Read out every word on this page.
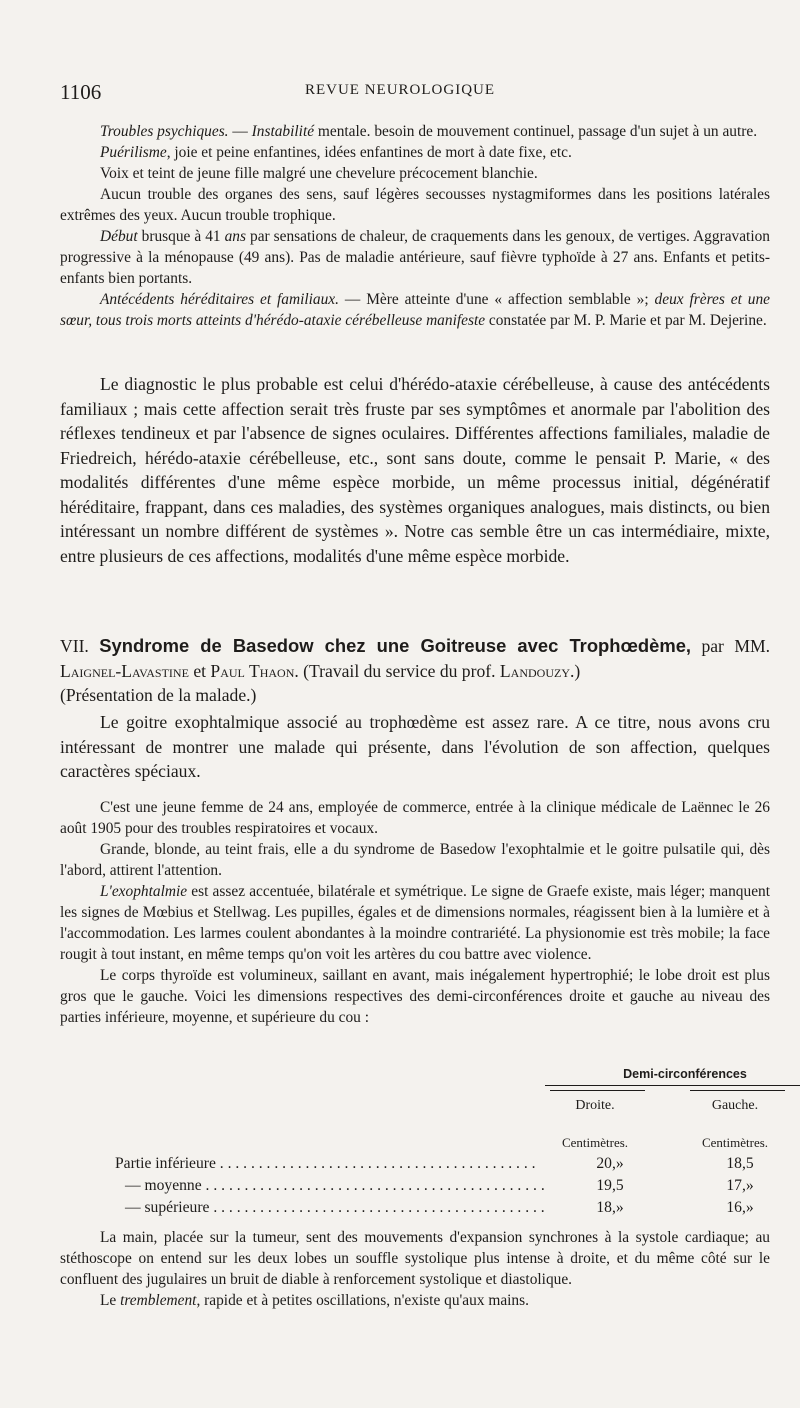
1106	REVUE NEUROLOGIQUE

Troubles psychiques. — Instabilité mentale. besoin de mouvement continuel, passage d'un sujet à un autre.

Puérilisme, joie et peine enfantines, idées enfantines de mort à date fixe, etc.

Voix et teint de jeune fille malgré une chevelure précocement blanchie.

Aucun trouble des organes des sens, sauf légères secousses nystagmiformes dans les positions latérales extrêmes des yeux. Aucun trouble trophique.

Début brusque à 41 ans par sensations de chaleur, de craquements dans les genoux, de vertiges. Aggravation progressive à la ménopause (49 ans). Pas de maladie antérieure, sauf fièvre typhoïde à 27 ans. Enfants et petits-enfants bien portants.

Antécédents héréditaires et familiaux. — Mère atteinte d'une « affection semblable »; deux frères et une sœur, tous trois morts atteints d'hérédo-ataxie cérébelleuse manifeste constatée par M. P. Marie et par M. Dejerine.

Le diagnostic le plus probable est celui d'hérédo-ataxie cérébelleuse, à cause des antécédents familiaux ; mais cette affection serait très fruste par ses symptômes et anormale par l'abolition des réflexes tendineux et par l'absence de signes oculaires. Différentes affections familiales, maladie de Friedreich, hérédo-ataxie cérébelleuse, etc., sont sans doute, comme le pensait P. Marie, « des modalités différentes d'une même espèce morbide, un même processus initial, dégénératif héréditaire, frappant, dans ces maladies, des systèmes organiques analogues, mais distincts, ou bien intéressant un nombre différent de systèmes ». Notre cas semble être un cas intermédiaire, mixte, entre plusieurs de ces affections, modalités d'une même espèce morbide.

VII. Syndrome de Basedow chez une Goitreuse avec Trophœdème, par MM. Laignel-Lavastine et Paul Thaon. (Travail du service du prof. Landouzy.)

(Présentation de la malade.)

Le goitre exophtalmique associé au trophœdème est assez rare. A ce titre, nous avons cru intéressant de montrer une malade qui présente, dans l'évolution de son affection, quelques caractères spéciaux.

C'est une jeune femme de 24 ans, employée de commerce, entrée à la clinique médicale de Laënnec le 26 août 1905 pour des troubles respiratoires et vocaux.

Grande, blonde, au teint frais, elle a du syndrome de Basedow l'exophtalmie et le goitre pulsatile qui, dès l'abord, attirent l'attention.

L'exophtalmie est assez accentuée, bilatérale et symétrique. Le signe de Graefe existe, mais léger; manquent les signes de Mœbius et Stellwag. Les pupilles, égales et de dimensions normales, réagissent bien à la lumière et à l'accommodation. Les larmes coulent abondantes à la moindre contrariété. La physionomie est très mobile; la face rougit à tout instant, en même temps qu'on voit les artères du cou battre avec violence.

Le corps thyroïde est volumineux, saillant en avant, mais inégalement hypertrophié; le lobe droit est plus gros que le gauche. Voici les dimensions respectives des demi-circonférences droite et gauche au niveau des parties inférieure, moyenne, et supérieure du cou :

Demi-circonférences
Droite.	Gauche.
Centimètres.	Centimètres.
Partie inférieure . . .	20,»	18,5
— moyenne . . .	19,5	17,»
— supérieure . . .	18,»	16,»

La main, placée sur la tumeur, sent des mouvements d'expansion synchrones à la systole cardiaque; au stéthoscope on entend sur les deux lobes un souffle systolique plus intense à droite, et du même côté sur le confluent des jugulaires un bruit de diable à renforcement systolique et diastolique.

Le tremblement, rapide et à petites oscillations, n'existe qu'aux mains.
